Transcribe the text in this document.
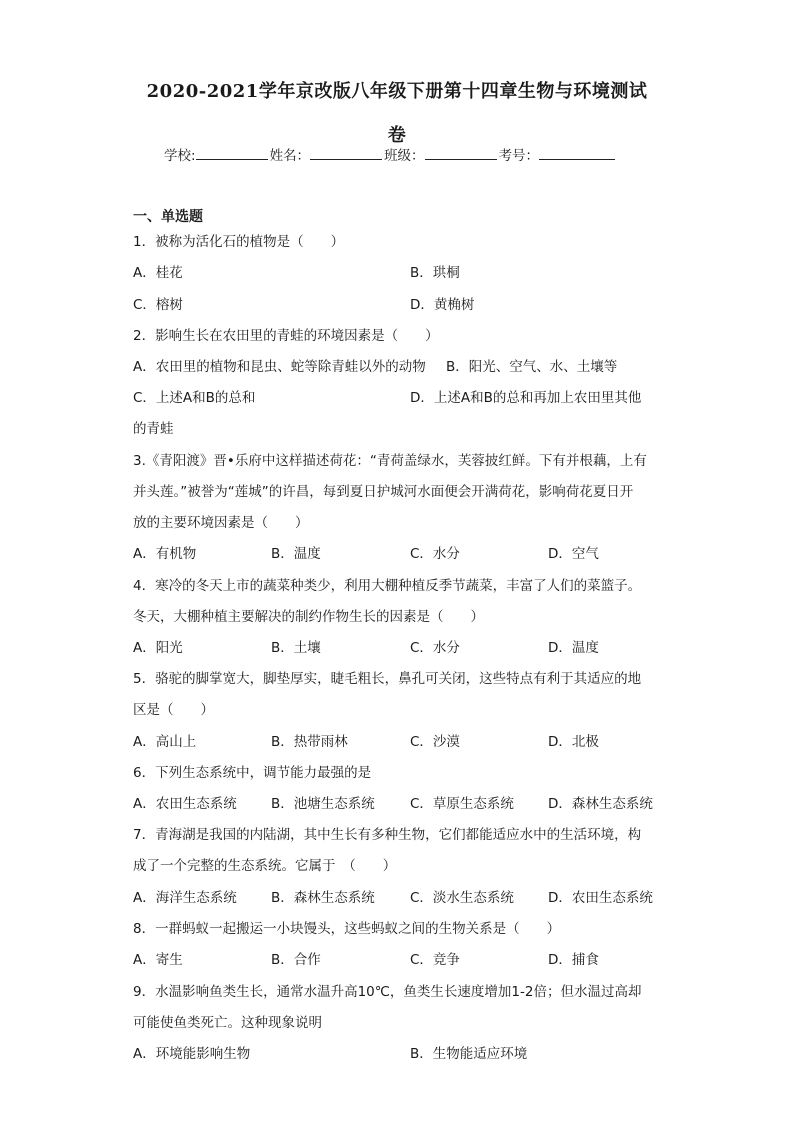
2020-2021学年京改版八年级下册第十四章生物与环境测试
卷
学校:	姓名：	班级：	考号：
一、单选题
1．被称为活化石的植物是（　　）
A．桂花	B．珙桐
C．榕树	D．黄桷树
2．影响生长在农田里的青蛙的环境因素是（　　）
A．农田里的植物和昆虫、蛇等除青蛙以外的动物 B．阳光、空气、水、土壤等
C．上述A和B的总和	D．上述A和B的总和再加上农田里其他
的青蛙
3.《青阳渡》晋•乐府中这样描述荷花：“青荷盖绿水，芙蓉披红鲜。下有并根藕，上有
并头莲。”被誉为“莲城”的许昌，每到夏日护城河水面便会开满荷花，影响荷花夏日开
放的主要环境因素是（　　）
A．有机物	B．温度	C．水分	D．空气
4．寒冷的冬天上市的蔬菜种类少，利用大棚种植反季节蔬菜，丰富了人们的菜篮子。
冬天，大棚种植主要解决的制约作物生长的因素是（　　）
A．阳光	B．土壤	C．水分	D．温度
5．骆驼的脚掌宽大，脚垫厚实，睫毛粗长，鼻孔可关闭，这些特点有利于其适应的地
区是（　　）
A．高山上	B．热带雨林	C．沙漠	D．北极
6．下列生态系统中，调节能力最强的是
A．农田生态系统	B．池塘生态系统	C．草原生态系统	D．森林生态系统
7．青海湖是我国的内陆湖，其中生长有多种生物，它们都能适应水中的生活环境，构
成了一个完整的生态系统。它属于　（　　）
A．海洋生态系统	B．森林生态系统	C．淡水生态系统	D．农田生态系统
8．一群蚂蚁一起搬运一小块馒头，这些蚂蚁之间的生物关系是（　　）
A．寄生	B．合作	C．竞争	D．捕食
9．水温影响鱼类生长，通常水温升高10℃，鱼类生长速度增加1-2倍；但水温过高却
可能使鱼类死亡。这种现象说明
A．环境能影响生物	B．生物能适应环境
